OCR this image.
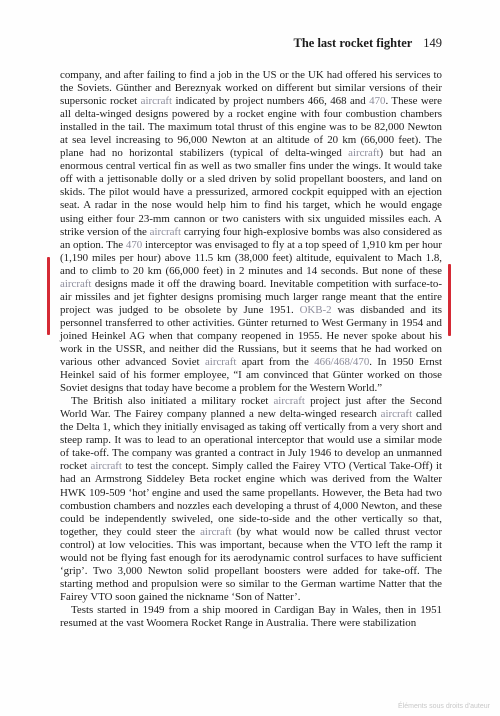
The last rocket fighter 149

company, and after failing to find a job in the US or the UK had offered his services to the Soviets. Günther and Bereznyak worked on different but similar versions of their supersonic rocket aircraft indicated by project numbers 466, 468 and 470. These were all delta-winged designs powered by a rocket engine with four combustion chambers installed in the tail. The maximum total thrust of this engine was to be 82,000 Newton at sea level increasing to 96,000 Newton at an altitude of 20 km (66,000 feet). The plane had no horizontal stabilizers (typical of delta-winged aircraft) but had an enormous central vertical fin as well as two smaller fins under the wings. It would take off with a jettisonable dolly or a sled driven by solid propellant boosters, and land on skids. The pilot would have a pressurized, armored cockpit equipped with an ejection seat. A radar in the nose would help him to find his target, which he would engage using either four 23-mm cannon or two canisters with six unguided missiles each. A strike version of the aircraft carrying four high-explosive bombs was also considered as an option. The 470 interceptor was envisaged to fly at a top speed of 1,910 km per hour (1,190 miles per hour) above 11.5 km (38,000 feet) altitude, equivalent to Mach 1.8, and to climb to 20 km (66,000 feet) in 2 minutes and 14 seconds. But none of these aircraft designs made it off the drawing board. Inevitable competition with surface-to-air missiles and jet fighter designs promising much larger range meant that the entire project was judged to be obsolete by June 1951. OKB-2 was disbanded and its personnel transferred to other activities. Günter returned to West Germany in 1954 and joined Heinkel AG when that company reopened in 1955. He never spoke about his work in the USSR, and neither did the Russians, but it seems that he had worked on various other advanced Soviet aircraft apart from the 466/468/470. In 1950 Ernst Heinkel said of his former employee, “I am convinced that Günter worked on those Soviet designs that today have become a problem for the Western World.”

The British also initiated a military rocket aircraft project just after the Second World War. The Fairey company planned a new delta-winged research aircraft called the Delta 1, which they initially envisaged as taking off vertically from a very short and steep ramp. It was to lead to an operational interceptor that would use a similar mode of take-off. The company was granted a contract in July 1946 to develop an unmanned rocket aircraft to test the concept. Simply called the Fairey VTO (Vertical Take-Off) it had an Armstrong Siddeley Beta rocket engine which was derived from the Walter HWK 109-509 ‘hot’ engine and used the same propellants. However, the Beta had two combustion chambers and nozzles each developing a thrust of 4,000 Newton, and these could be independently swiveled, one side-to-side and the other vertically so that, together, they could steer the aircraft (by what would now be called thrust vector control) at low velocities. This was important, because when the VTO left the ramp it would not be flying fast enough for its aerodynamic control surfaces to have sufficient ‘grip’. Two 3,000 Newton solid propellant boosters were added for take-off. The starting method and propulsion were so similar to the German wartime Natter that the Fairey VTO soon gained the nickname ‘Son of Natter’.

Tests started in 1949 from a ship moored in Cardigan Bay in Wales, then in 1951 resumed at the vast Woomera Rocket Range in Australia. There were stabilization

Éléments sous droits d'auteur
